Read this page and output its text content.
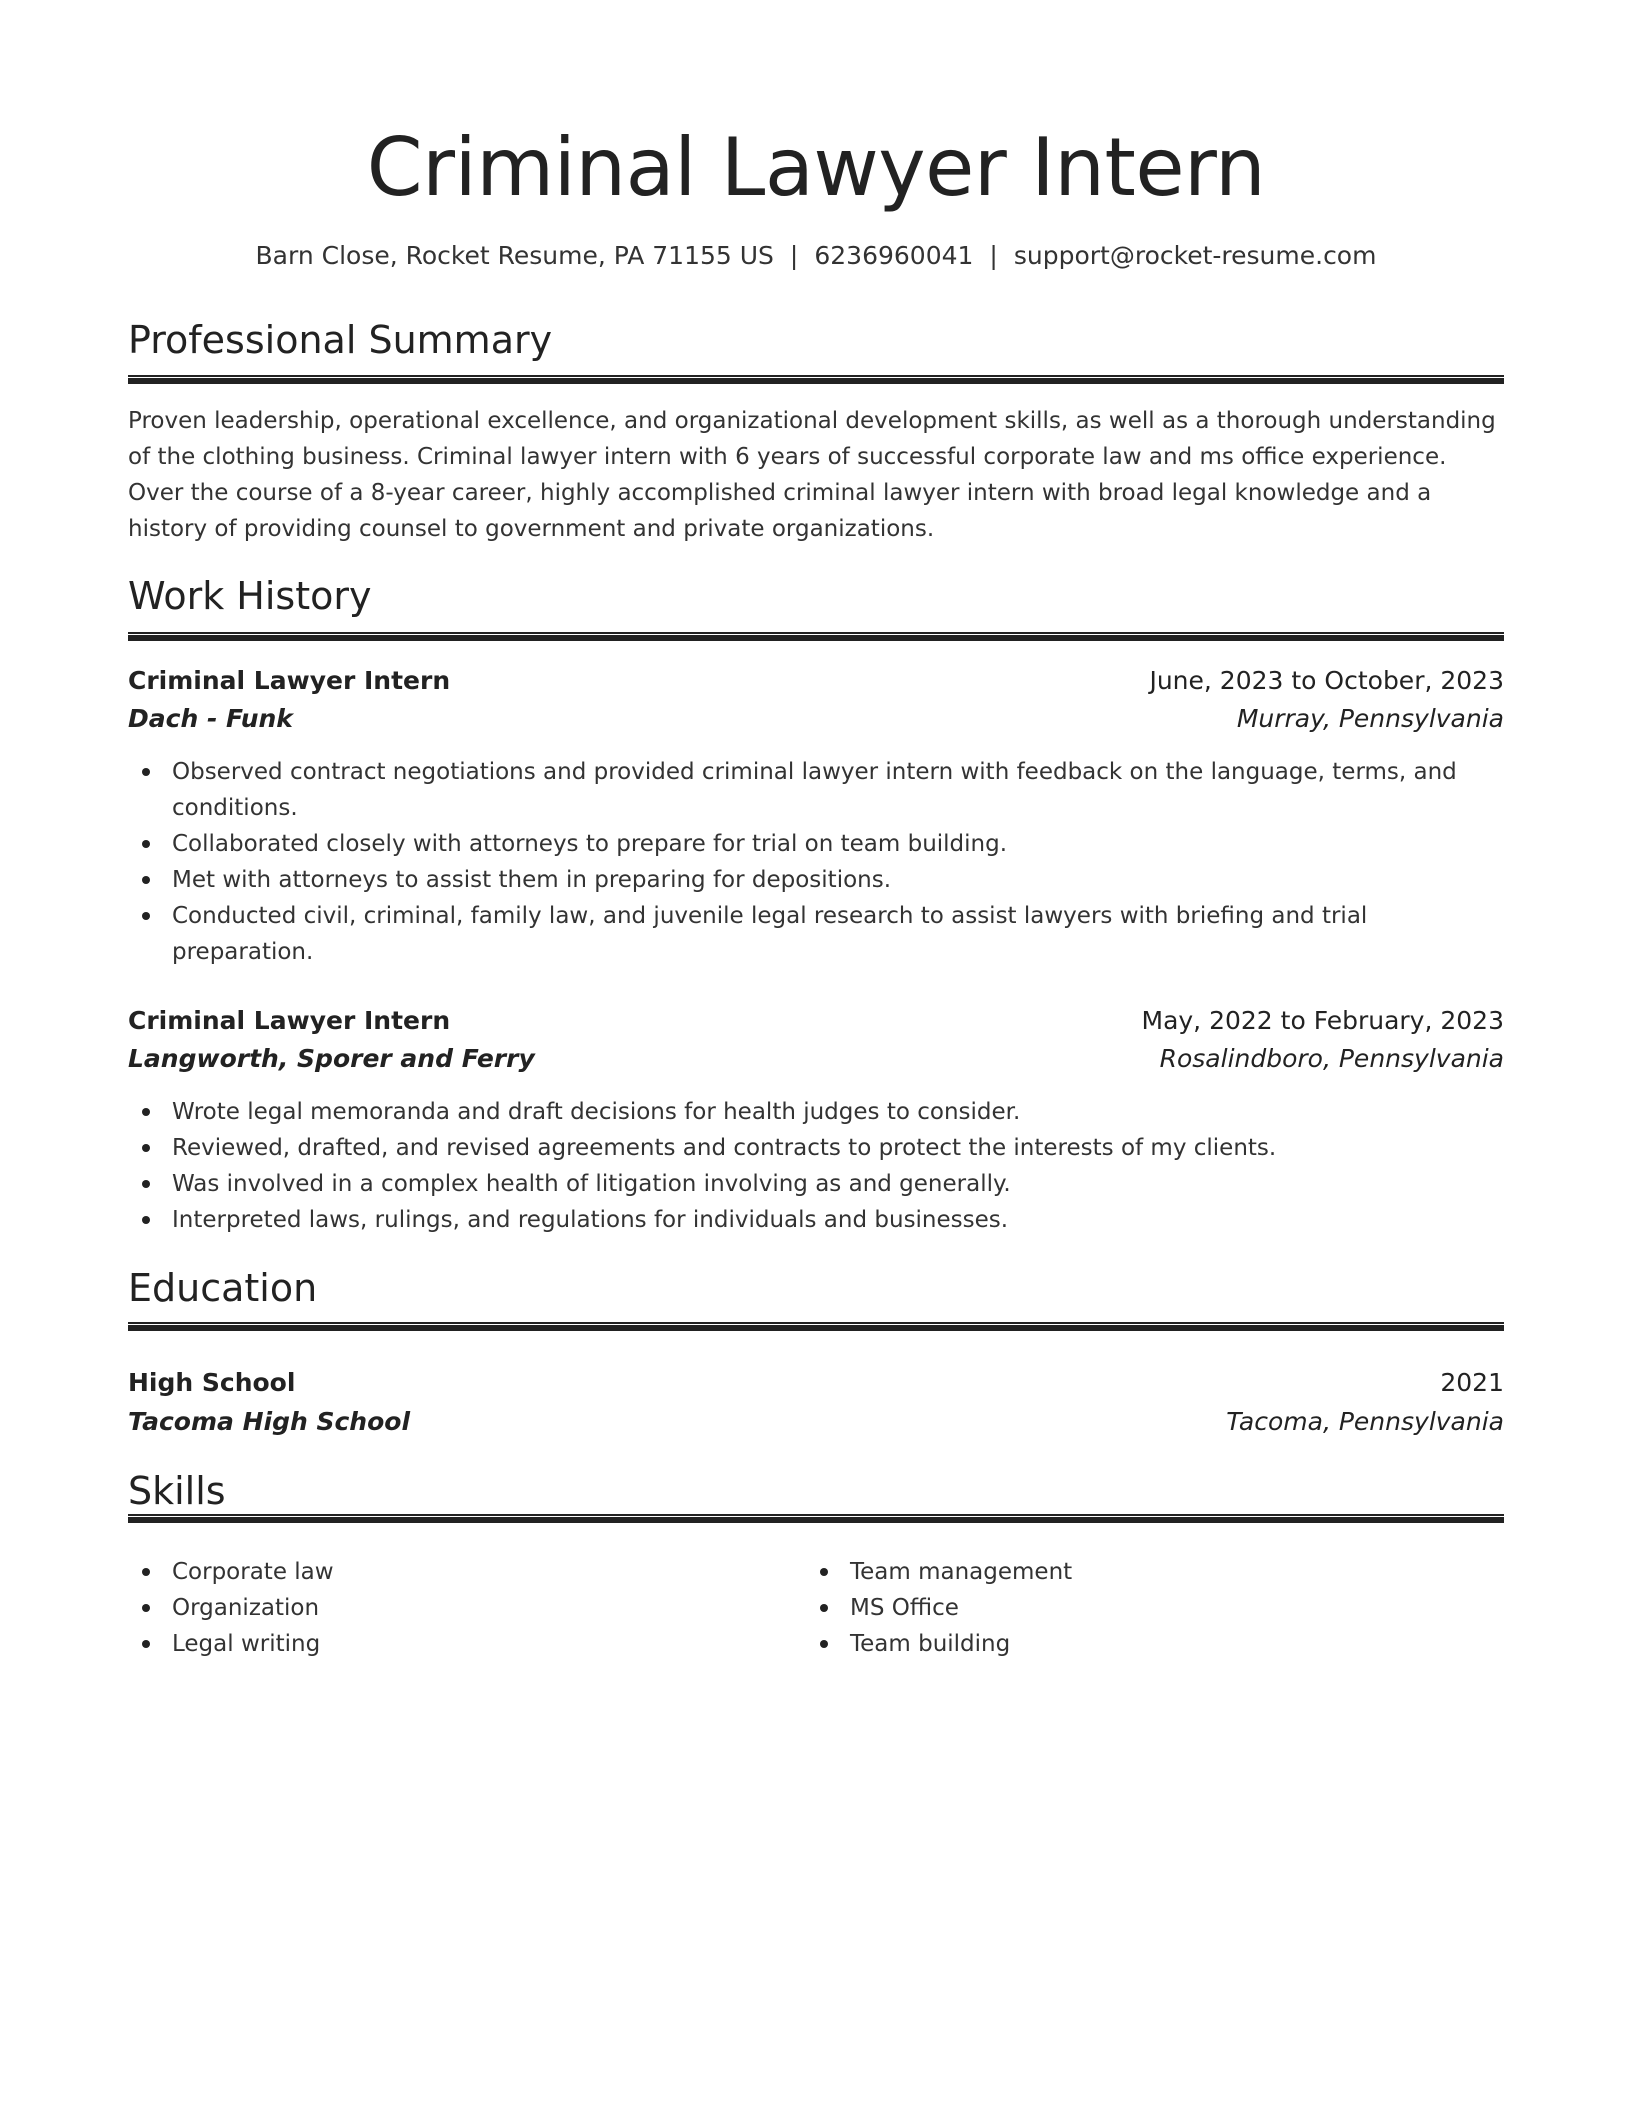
Criminal Lawyer Intern
Barn Close, Rocket Resume, PA 71155 US | 6236960041 | support@rocket-resume.com
Professional Summary
Proven leadership, operational excellence, and organizational development skills, as well as a thorough understanding of the clothing business. Criminal lawyer intern with 6 years of successful corporate law and ms office experience. Over the course of a 8-year career, highly accomplished criminal lawyer intern with broad legal knowledge and a history of providing counsel to government and private organizations.
Work History
Criminal Lawyer Intern	June, 2023 to October, 2023
Dach - Funk	Murray, Pennsylvania
Observed contract negotiations and provided criminal lawyer intern with feedback on the language, terms, and conditions.
Collaborated closely with attorneys to prepare for trial on team building.
Met with attorneys to assist them in preparing for depositions.
Conducted civil, criminal, family law, and juvenile legal research to assist lawyers with briefing and trial preparation.
Criminal Lawyer Intern	May, 2022 to February, 2023
Langworth, Sporer and Ferry	Rosalindboro, Pennsylvania
Wrote legal memoranda and draft decisions for health judges to consider.
Reviewed, drafted, and revised agreements and contracts to protect the interests of my clients.
Was involved in a complex health of litigation involving as and generally.
Interpreted laws, rulings, and regulations for individuals and businesses.
Education
High School	2021
Tacoma High School	Tacoma, Pennsylvania
Skills
Corporate law
Organization
Legal writing
Team management
MS Office
Team building
